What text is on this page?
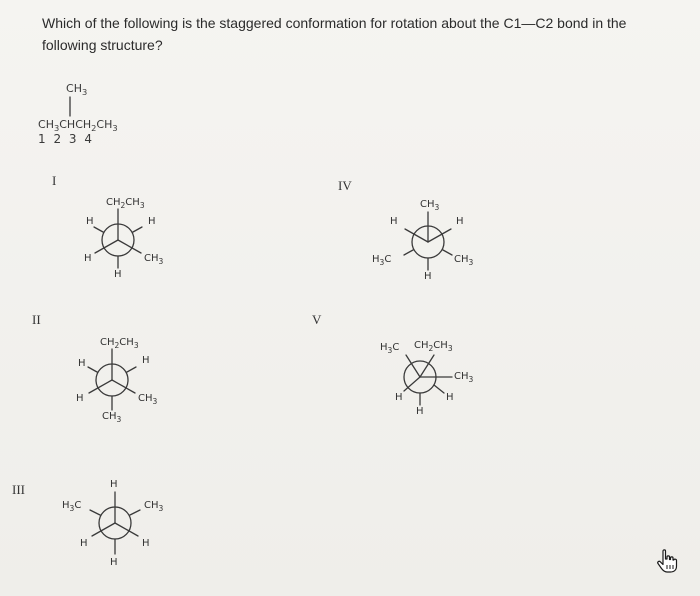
Which of the following is the staggered conformation for rotation about the C1—C2 bond in the following structure?
$CH_3$
$CH_3CHCH_2CH_3$
1 2 3 4
I
II
III
IV
V
$CH_2CH_3$
H	H
H	$CH_3$
H
$CH_2CH_3$
H	H
H	$CH_3$
$CH_3$
H
$H_3C$	$CH_3$
H	H
H
$CH_3$
H	H
$H_3C$	$CH_3$
H
$H_3C$ $CH_2CH_3$
$CH_3$
H
H
H
